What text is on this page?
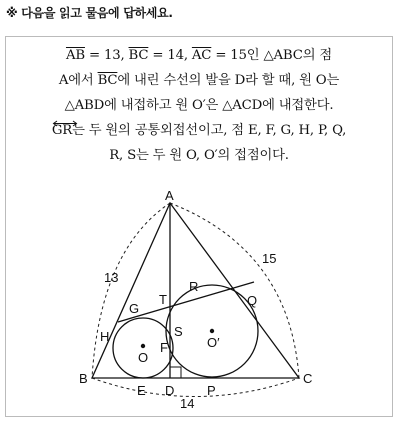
※ 다음을 읽고 물음에 답하세요.
$\overline{AB} = 13$, $\overline{BC} = 14$, $\overline{AC} = 15$인 △ABC의 점
A에서 $\overline{BC}$에 내린 수선의 발을 D라 할 때, 원 O는
△ABD에 내접하고 원 O′은 △ACD에 내접한다.
GR는 두 원의 공통외접선이고, 점 E, F, G, H, P, Q,
R, S는 두 원 O, O′의 접점이다.
A
B	C
D
E
F
G
H
P
Q
R
S
T
O
O′
13
15
14
